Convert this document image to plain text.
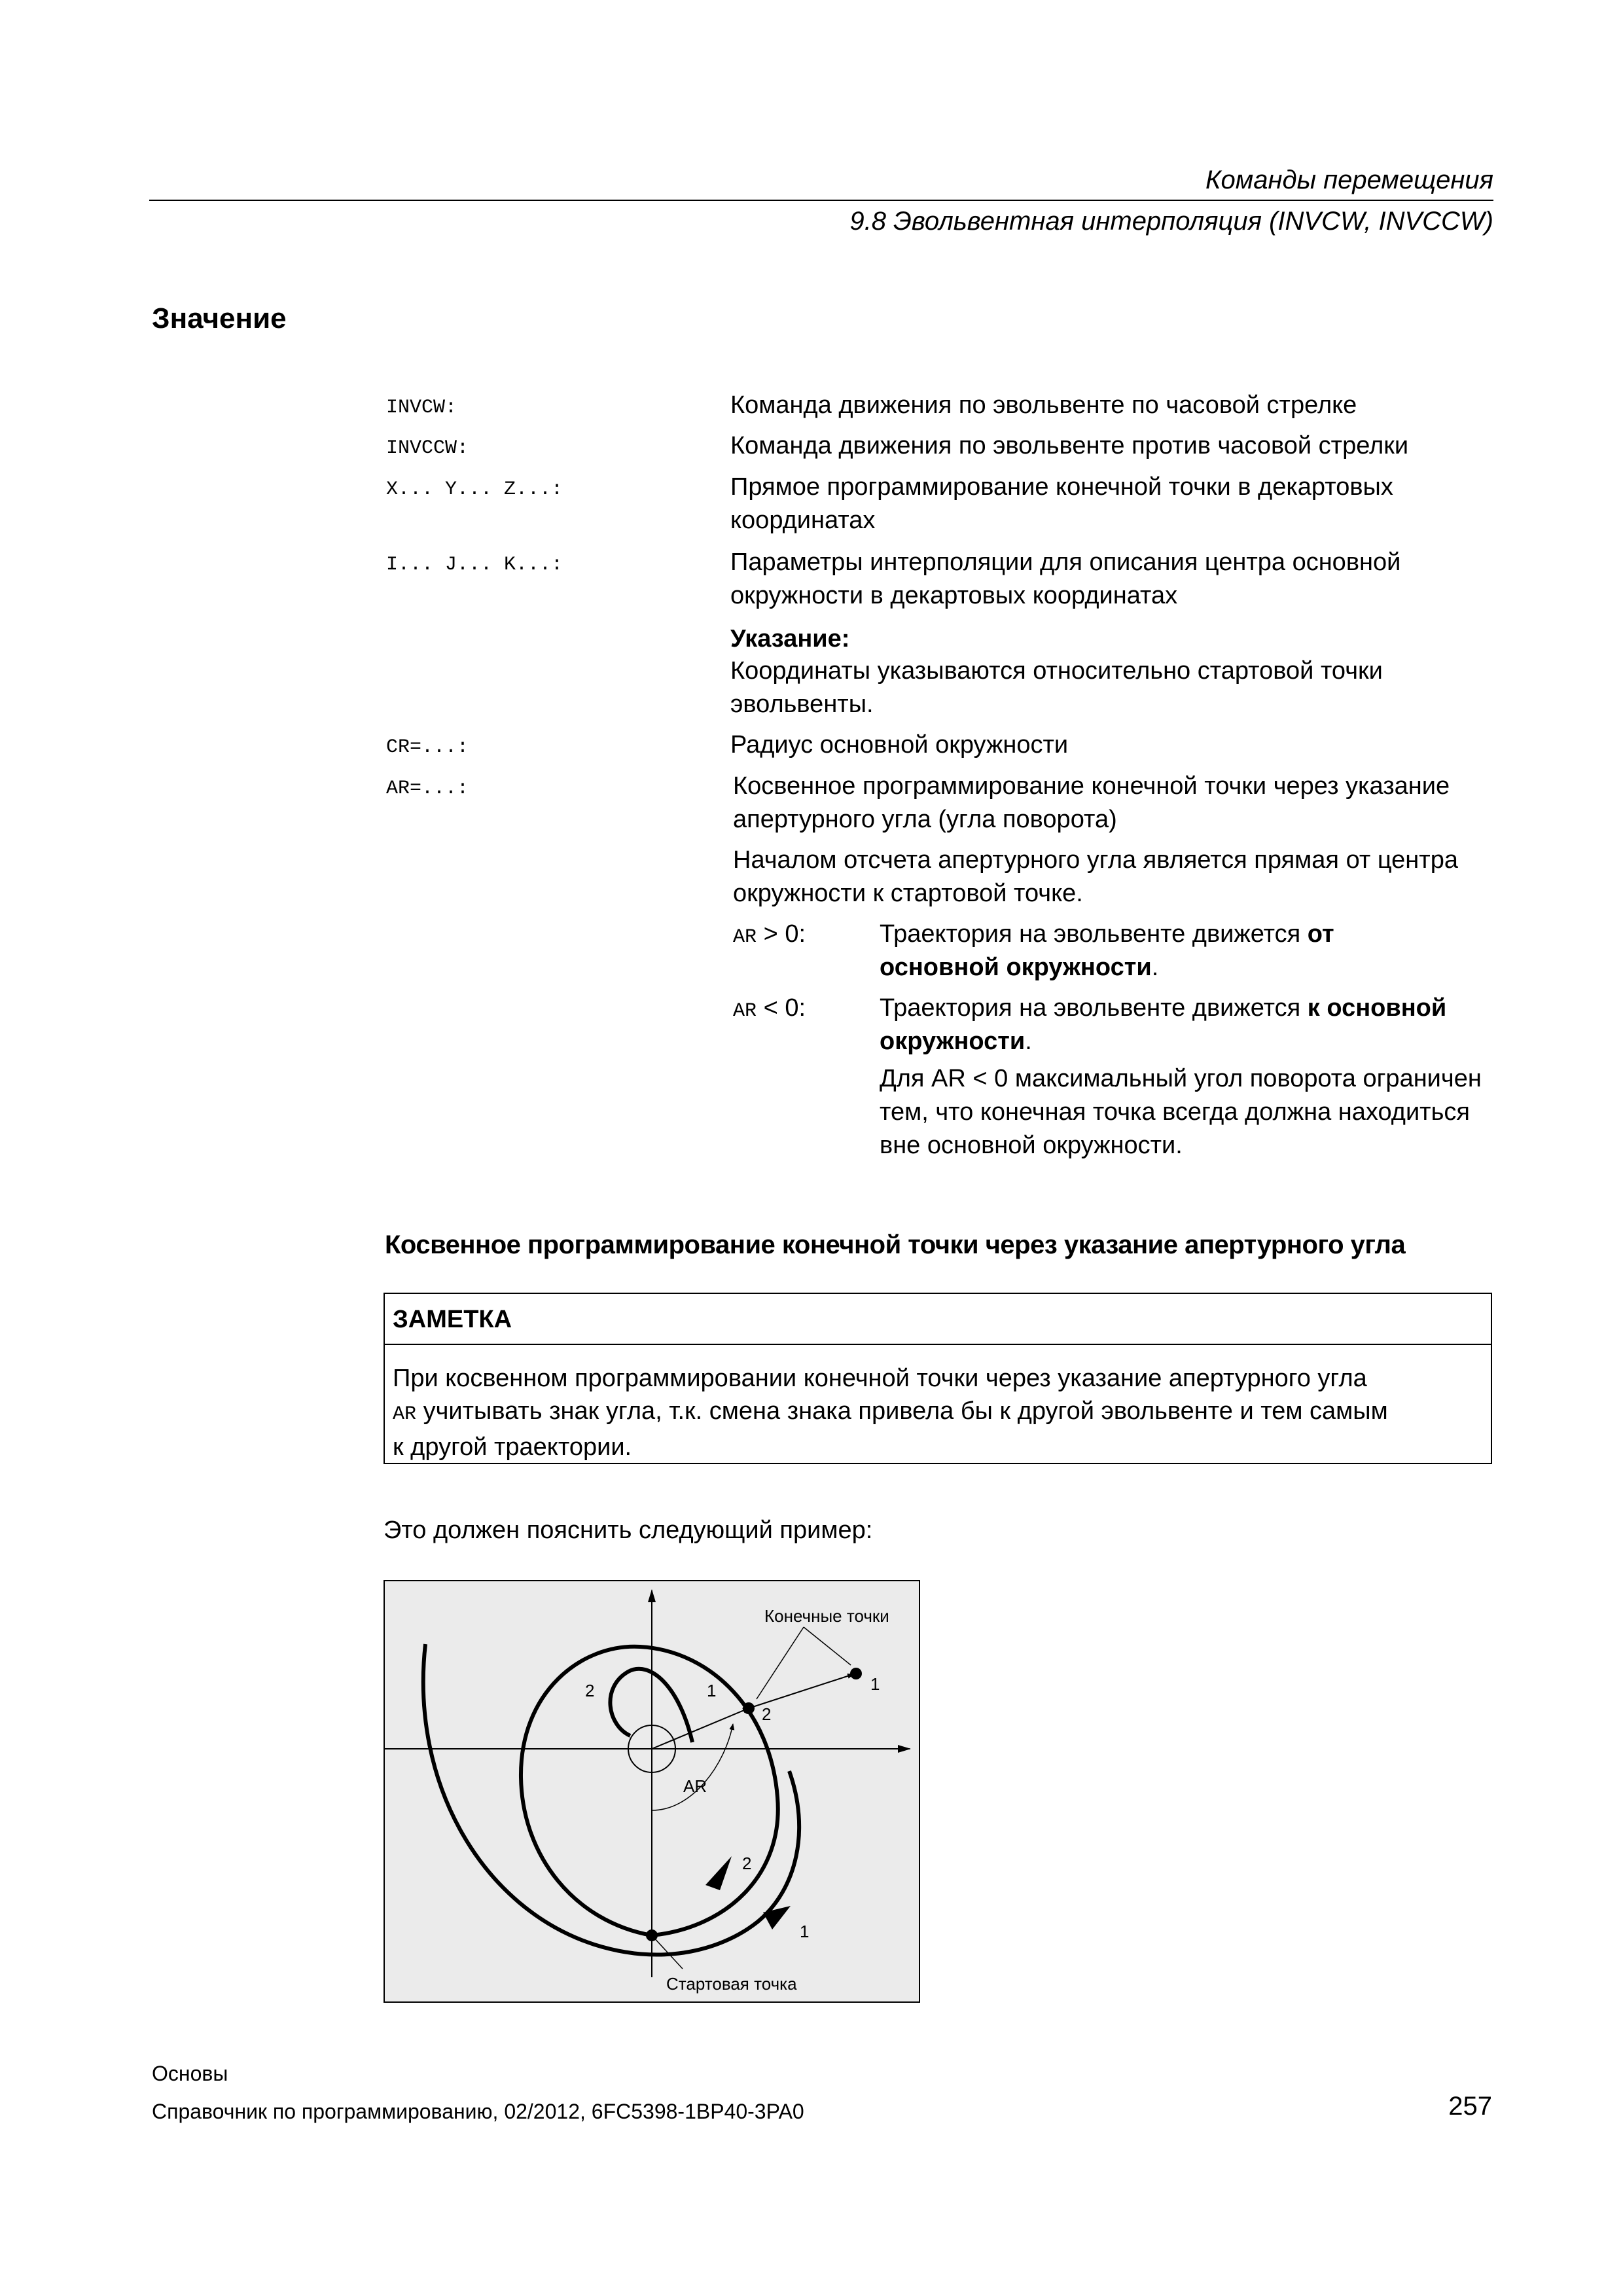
Команды перемещения
9.8 Эвольвентная интерполяция (INVCW, INVCCW)
Значение
INVCW:	Команда движения по эвольвенте по часовой стрелке
INVCCW:	Команда движения по эвольвенте против часовой стрелки
X... Y... Z...:	Прямое программирование конечной точки в декартовых координатах
I... J... K...:	Параметры интерполяции для описания центра основной окружности в декартовых координатах
Указание:
Координаты указываются относительно стартовой точки эвольвенты.
CR=...:	Радиус основной окружности
AR=...:	Косвенное программирование конечной точки через указание апертурного угла (угла поворота)
Началом отсчета апертурного угла является прямая от центра окружности к стартовой точке.
AR > 0:	Траектория на эвольвенте движется от
основной окружности.
AR < 0:	Траектория на эвольвенте движется к основной
окружности.
Для AR < 0 максимальный угол поворота ограничен тем, что конечная точка всегда должна находиться вне основной окружности.
Косвенное программирование конечной точки через указание апертурного угла
ЗАМЕТКА
При косвенном программировании конечной точки через указание апертурного угла
AR учитывать знак угла, т.к. смена знака привела бы к другой эвольвенте и тем самым
к другой траектории.
Это должен пояснить следующий пример:
Конечные точки
Стартовая точка
AR
1
2
2
1
2
1
Основы
Справочник по программированию, 02/2012, 6FC5398-1BP40-3PA0	257
